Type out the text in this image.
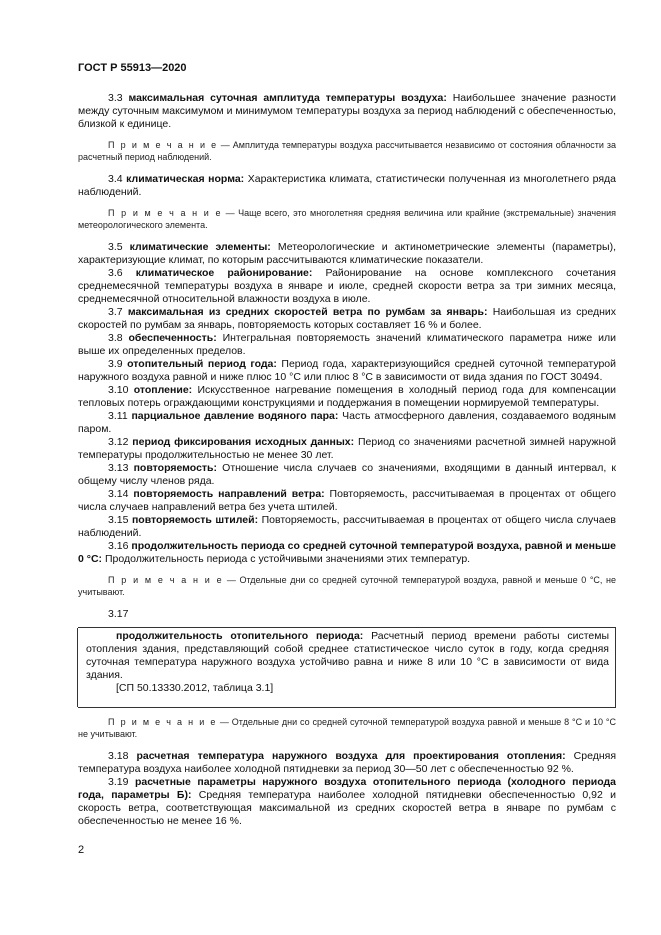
ГОСТ Р 55913—2020

3.3 максимальная суточная амплитуда температуры воздуха: Наибольшее значение разности между суточным максимумом и минимумом температуры воздуха за период наблюдений с обеспеченностью, близкой к единице.

П р и м е ч а н и е — Амплитуда температуры воздуха рассчитывается независимо от состояния облачности за расчетный период наблюдений.

3.4 климатическая норма: Характеристика климата, статистически полученная из многолетнего ряда наблюдений.

П р и м е ч а н и е — Чаще всего, это многолетняя средняя величина или крайние (экстремальные) значения метеорологического элемента.

3.5 климатические элементы: Метеорологические и актинометрические элементы (параметры), характеризующие климат, по которым рассчитываются климатические показатели.

3.6 климатическое районирование: Районирование на основе комплексного сочетания среднемесячной температуры воздуха в январе и июле, средней скорости ветра за три зимних месяца, среднемесячной относительной влажности воздуха в июле.

3.7 максимальная из средних скоростей ветра по румбам за январь: Наибольшая из средних скоростей по румбам за январь, повторяемость которых составляет 16 % и более.

3.8 обеспеченность: Интегральная повторяемость значений климатического параметра ниже или выше их определенных пределов.

3.9 отопительный период года: Период года, характеризующийся средней суточной температурой наружного воздуха равной и ниже плюс 10 °С или плюс 8 °С в зависимости от вида здания по ГОСТ 30494.

3.10 отопление: Искусственное нагревание помещения в холодный период года для компенсации тепловых потерь ограждающими конструкциями и поддержания в помещении нормируемой температуры.

3.11 парциальное давление водяного пара: Часть атмосферного давления, создаваемого водяным паром.

3.12 период фиксирования исходных данных: Период со значениями расчетной зимней наружной температуры продолжительностью не менее 30 лет.

3.13 повторяемость: Отношение числа случаев со значениями, входящими в данный интервал, к общему числу членов ряда.

3.14 повторяемость направлений ветра: Повторяемость, рассчитываемая в процентах от общего числа случаев направлений ветра без учета штилей.

3.15 повторяемость штилей: Повторяемость, рассчитываемая в процентах от общего числа случаев наблюдений.

3.16 продолжительность периода со средней суточной температурой воздуха, равной и меньше 0 °С: Продолжительность периода с устойчивыми значениями этих температур.

П р и м е ч а н и е — Отдельные дни со средней суточной температурой воздуха, равной и меньше 0 °С, не учитывают.

3.17

продолжительность отопительного периода: Расчетный период времени работы системы отопления здания, представляющий собой среднее статистическое число суток в году, когда средняя суточная температура наружного воздуха устойчиво равна и ниже 8 или 10 °С в зависимости от вида здания.

[СП 50.13330.2012, таблица 3.1]

П р и м е ч а н и е — Отдельные дни со средней суточной температурой воздуха равной и меньше 8 °С и 10 °С не учитывают.

3.18 расчетная температура наружного воздуха для проектирования отопления: Средняя температура воздуха наиболее холодной пятидневки за период 30—50 лет с обеспеченностью 92 %.

3.19 расчетные параметры наружного воздуха отопительного периода (холодного периода года, параметры Б): Средняя температура наиболее холодной пятидневки обеспеченностью 0,92 и скорость ветра, соответствующая максимальной из средних скоростей ветра в январе по румбам с обеспеченностью не менее 16 %.

2
